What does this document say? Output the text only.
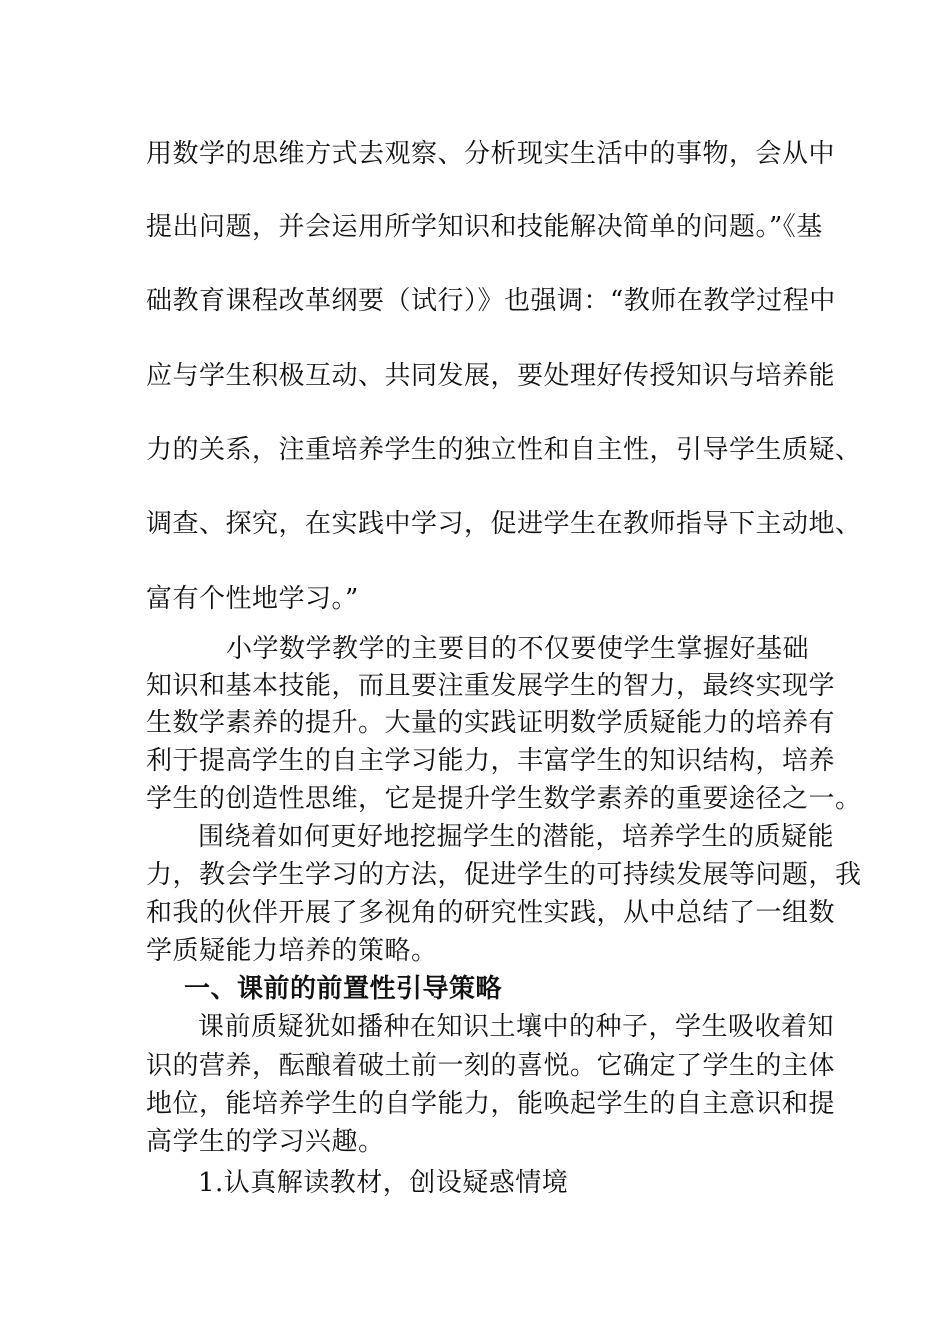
用数学的思维方式去观察、分析现实生活中的事物，会从中
提出问题，并会运用所学知识和技能解决简单的问题。”《基
础教育课程改革纲要（试行）》也强调：“教师在教学过程中
应与学生积极互动、共同发展，要处理好传授知识与培养能
力的关系，注重培养学生的独立性和自主性，引导学生质疑、
调查、探究，在实践中学习，促进学生在教师指导下主动地、
富有个性地学习。”
小学数学教学的主要目的不仅要使学生掌握好基础
知识和基本技能，而且要注重发展学生的智力，最终实现学
生数学素养的提升。大量的实践证明数学质疑能力的培养有
利于提高学生的自主学习能力，丰富学生的知识结构，培养
学生的创造性思维，它是提升学生数学素养的重要途径之一。
围绕着如何更好地挖掘学生的潜能，培养学生的质疑能
力，教会学生学习的方法，促进学生的可持续发展等问题，我
和我的伙伴开展了多视角的研究性实践，从中总结了一组数
学质疑能力培养的策略。
一、课前的前置性引导策略
课前质疑犹如播种在知识土壤中的种子，学生吸收着知
识的营养，酝酿着破土前一刻的喜悦。它确定了学生的主体
地位，能培养学生的自学能力，能唤起学生的自主意识和提
高学生的学习兴趣。
1.认真解读教材，创设疑惑情境
